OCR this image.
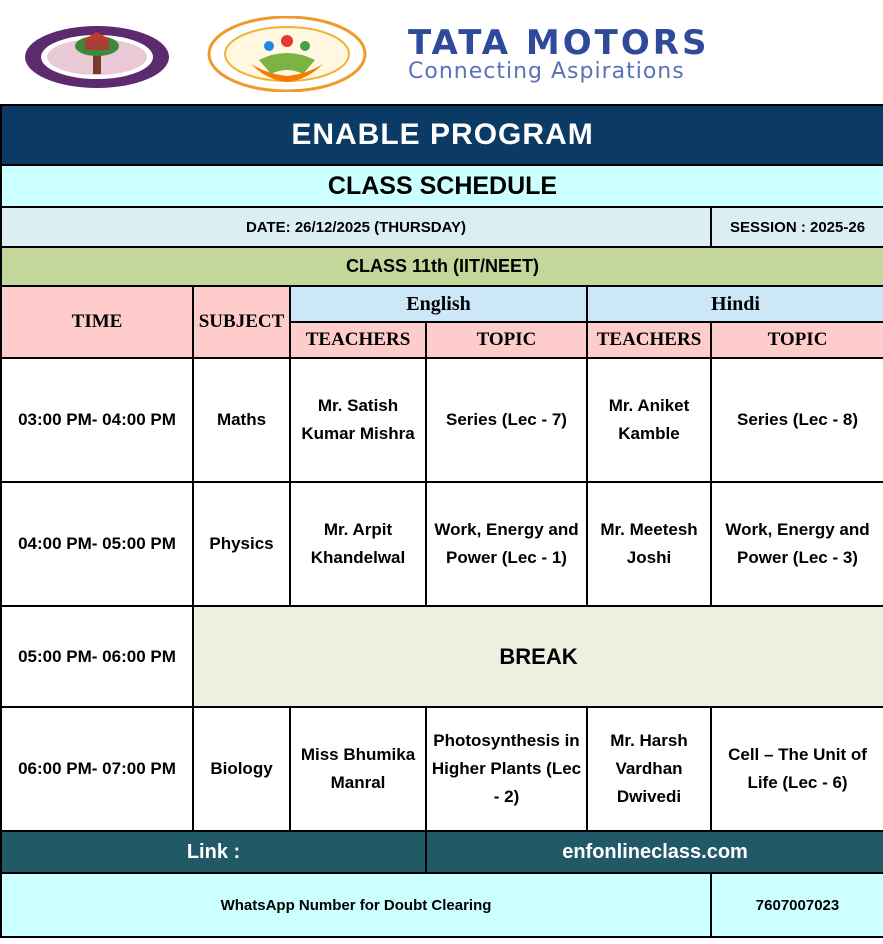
TATA MOTORS
Connecting Aspirations
ENABLE PROGRAM					
CLASS SCHEDULE					
DATE: 26/12/2025 (THURSDAY)					SESSION : 2025-26
CLASS 11th (IIT/NEET)					
TIME	SUBJECT	English		Hindi	
		TEACHERS	TOPIC	TEACHERS	TOPIC
03:00 PM- 04:00 PM	Maths	Mr. Satish Kumar Mishra	Series (Lec - 7)	Mr. Aniket Kamble	Series (Lec - 8)
04:00 PM- 05:00 PM	Physics	Mr. Arpit Khandelwal	Work, Energy and Power (Lec - 1)	Mr. Meetesh Joshi	Work, Energy and Power (Lec - 3)
05:00 PM- 06:00 PM	BREAK				
06:00 PM- 07:00 PM	Biology	Miss Bhumika Manral	Photosynthesis in Higher Plants (Lec - 2)	Mr. Harsh Vardhan Dwivedi	Cell – The Unit of Life (Lec - 6)
Link :			enfonlineclass.com		
WhatsApp Number for Doubt Clearing					7607007023
